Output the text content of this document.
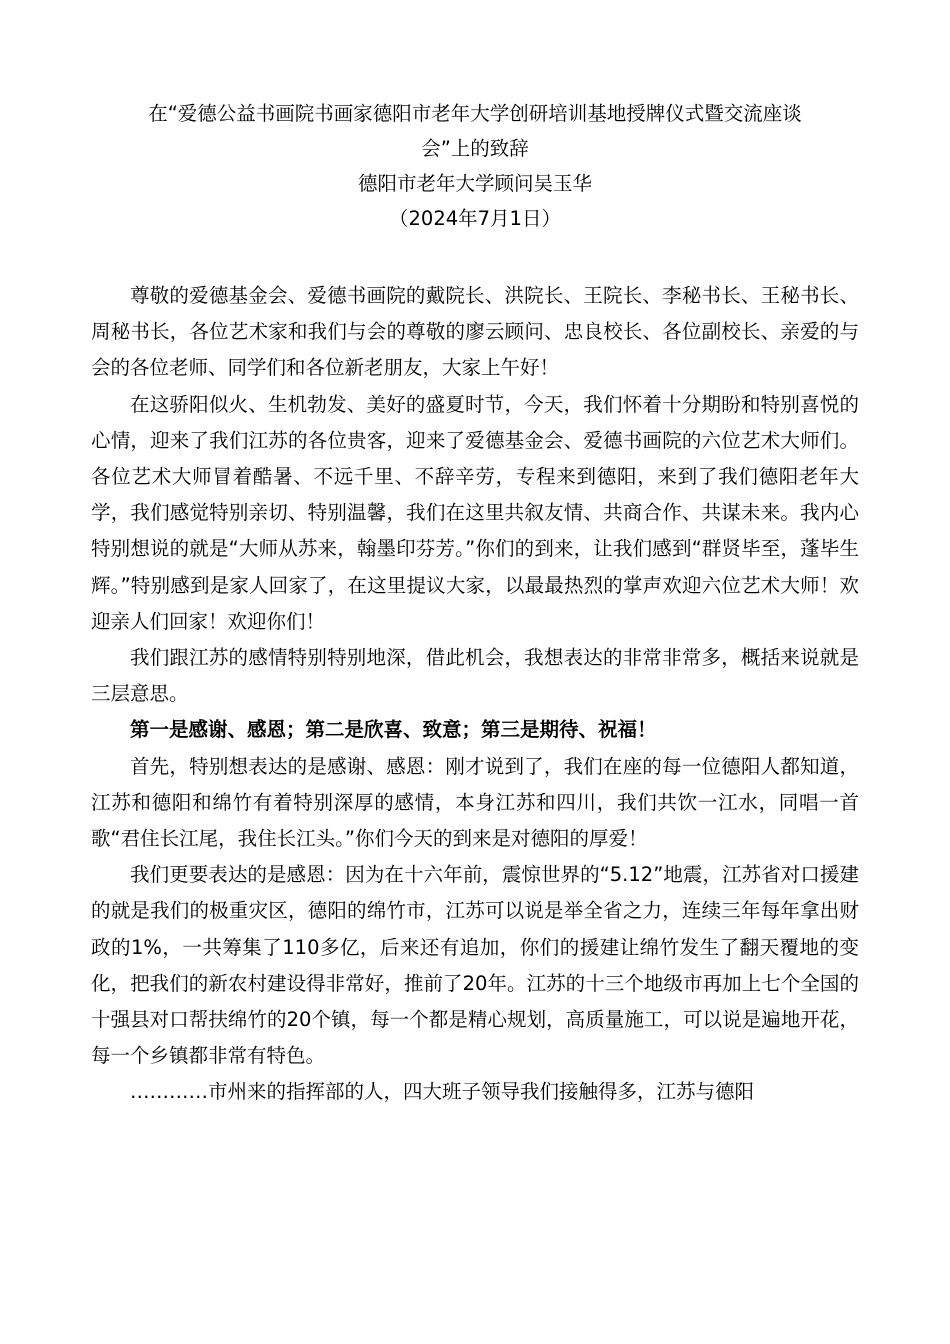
在“爱德公益书画院书画家德阳市老年大学创研培训基地授牌仪式暨交流座谈
会”上的致辞
德阳市老年大学顾问吴玉华
（2024年7月1日）

尊敬的爱德基金会、爱德书画院的戴院长、洪院长、王院长、李秘书长、王秘书长、周秘书长，各位艺术家和我们与会的尊敬的廖云顾问、忠良校长、各位副校长、亲爱的与会的各位老师、同学们和各位新老朋友，大家上午好！

在这骄阳似火、生机勃发、美好的盛夏时节，今天，我们怀着十分期盼和特别喜悦的心情，迎来了我们江苏的各位贵客，迎来了爱德基金会、爱德书画院的六位艺术大师们。各位艺术大师冒着酷暑、不远千里、不辞辛劳，专程来到德阳，来到了我们德阳老年大学，我们感觉特别亲切、特别温馨，我们在这里共叙友情、共商合作、共谋未来。我内心特别想说的就是“大师从苏来，翰墨印芬芳。”你们的到来，让我们感到“群贤毕至，蓬毕生辉。”特别感到是家人回家了，在这里提议大家，以最最热烈的掌声欢迎六位艺术大师！欢迎亲人们回家！欢迎你们！

我们跟江苏的感情特别特别地深，借此机会，我想表达的非常非常多，概括来说就是三层意思。

第一是感谢、感恩；第二是欣喜、致意；第三是期待、祝福！

首先，特别想表达的是感谢、感恩：刚才说到了，我们在座的每一位德阳人都知道，江苏和德阳和绵竹有着特别深厚的感情，本身江苏和四川，我们共饮一江水，同唱一首歌“君住长江尾，我住长江头。”你们今天的到来是对德阳的厚爱！

我们更要表达的是感恩：因为在十六年前，震惊世界的“5.12”地震，江苏省对口援建的就是我们的极重灾区，德阳的绵竹市，江苏可以说是举全省之力，连续三年每年拿出财政的1%，一共筹集了110多亿，后来还有追加，你们的援建让绵竹发生了翻天覆地的变化，把我们的新农村建设得非常好，推前了20年。江苏的十三个地级市再加上七个全国的十强县对口帮扶绵竹的20个镇，每一个都是精心规划，高质量施工，可以说是遍地开花，每一个乡镇都非常有特色。

…………市州来的指挥部的人，四大班子领导我们接触得多，江苏与德阳
